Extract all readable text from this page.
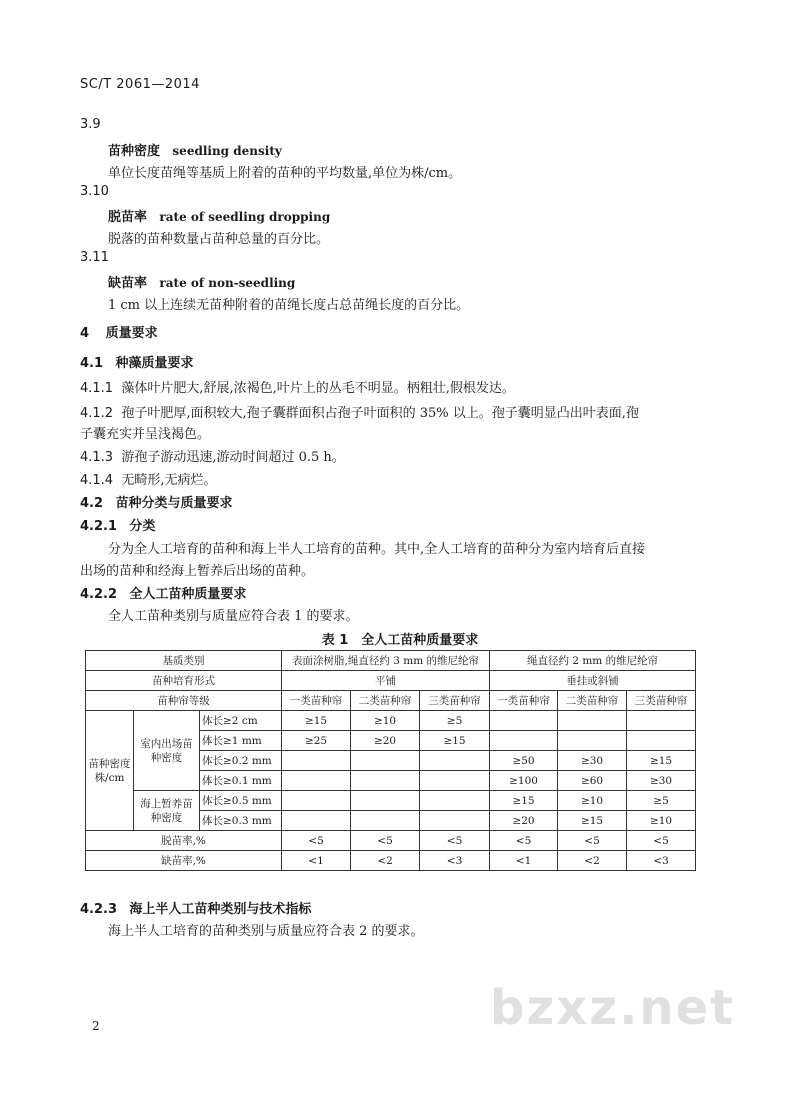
SC/T 2061—2014
3.9
苗种密度 seedling density
单位长度苗绳等基质上附着的苗种的平均数量,单位为株/cm。
3.10
脱苗率 rate of seedling dropping
脱落的苗种数量占苗种总量的百分比。
3.11
缺苗率 rate of non-seedling
1 cm 以上连续无苗种附着的苗绳长度占总苗绳长度的百分比。
4 质量要求
4.1 种藻质量要求
4.1.1 藻体叶片肥大,舒展,浓褐色,叶片上的丛毛不明显。柄粗壮,假根发达。
4.1.2 孢子叶肥厚,面积较大,孢子囊群面积占孢子叶面积的 35% 以上。孢子囊明显凸出叶表面,孢
子囊充实并呈浅褐色。
4.1.3 游孢子游动迅速,游动时间超过 0.5 h。
4.1.4 无畸形,无病烂。
4.2 苗种分类与质量要求
4.2.1 分类
分为全人工培育的苗种和海上半人工培育的苗种。其中,全人工培育的苗种分为室内培育后直接
出场的苗种和经海上暂养后出场的苗种。
4.2.2 全人工苗种质量要求
全人工苗种类别与质量应符合表 1 的要求。
表 1　全人工苗种质量要求
基质类别			表面涂树脂,绳直径约 3 mm 的维尼纶帘			绳直径约 2 mm 的维尼纶帘		
苗种培育形式			平铺			垂挂或斜铺		
苗种帘等级			一类苗种帘	二类苗种帘	三类苗种帘	一类苗种帘	二类苗种帘	三类苗种帘
苗种密度株/cm	室内出场苗种密度	体长≥2 cm	≥15	≥10	≥5			
		体长≥1 mm	≥25	≥20	≥15			
		体长≥0.2 mm				≥50	≥30	≥15
		体长≥0.1 mm				≥100	≥60	≥30
	海上暂养苗种密度	体长≥0.5 mm				≥15	≥10	≥5
		体长≥0.3 mm				≥20	≥15	≥10
脱苗率,%			<5	<5	<5	<5	<5	<5
缺苗率,%			<1	<2	<3	<1	<2	<3
4.2.3 海上半人工苗种类别与技术指标
海上半人工培育的苗种类别与质量应符合表 2 的要求。
bzxz.net
2
